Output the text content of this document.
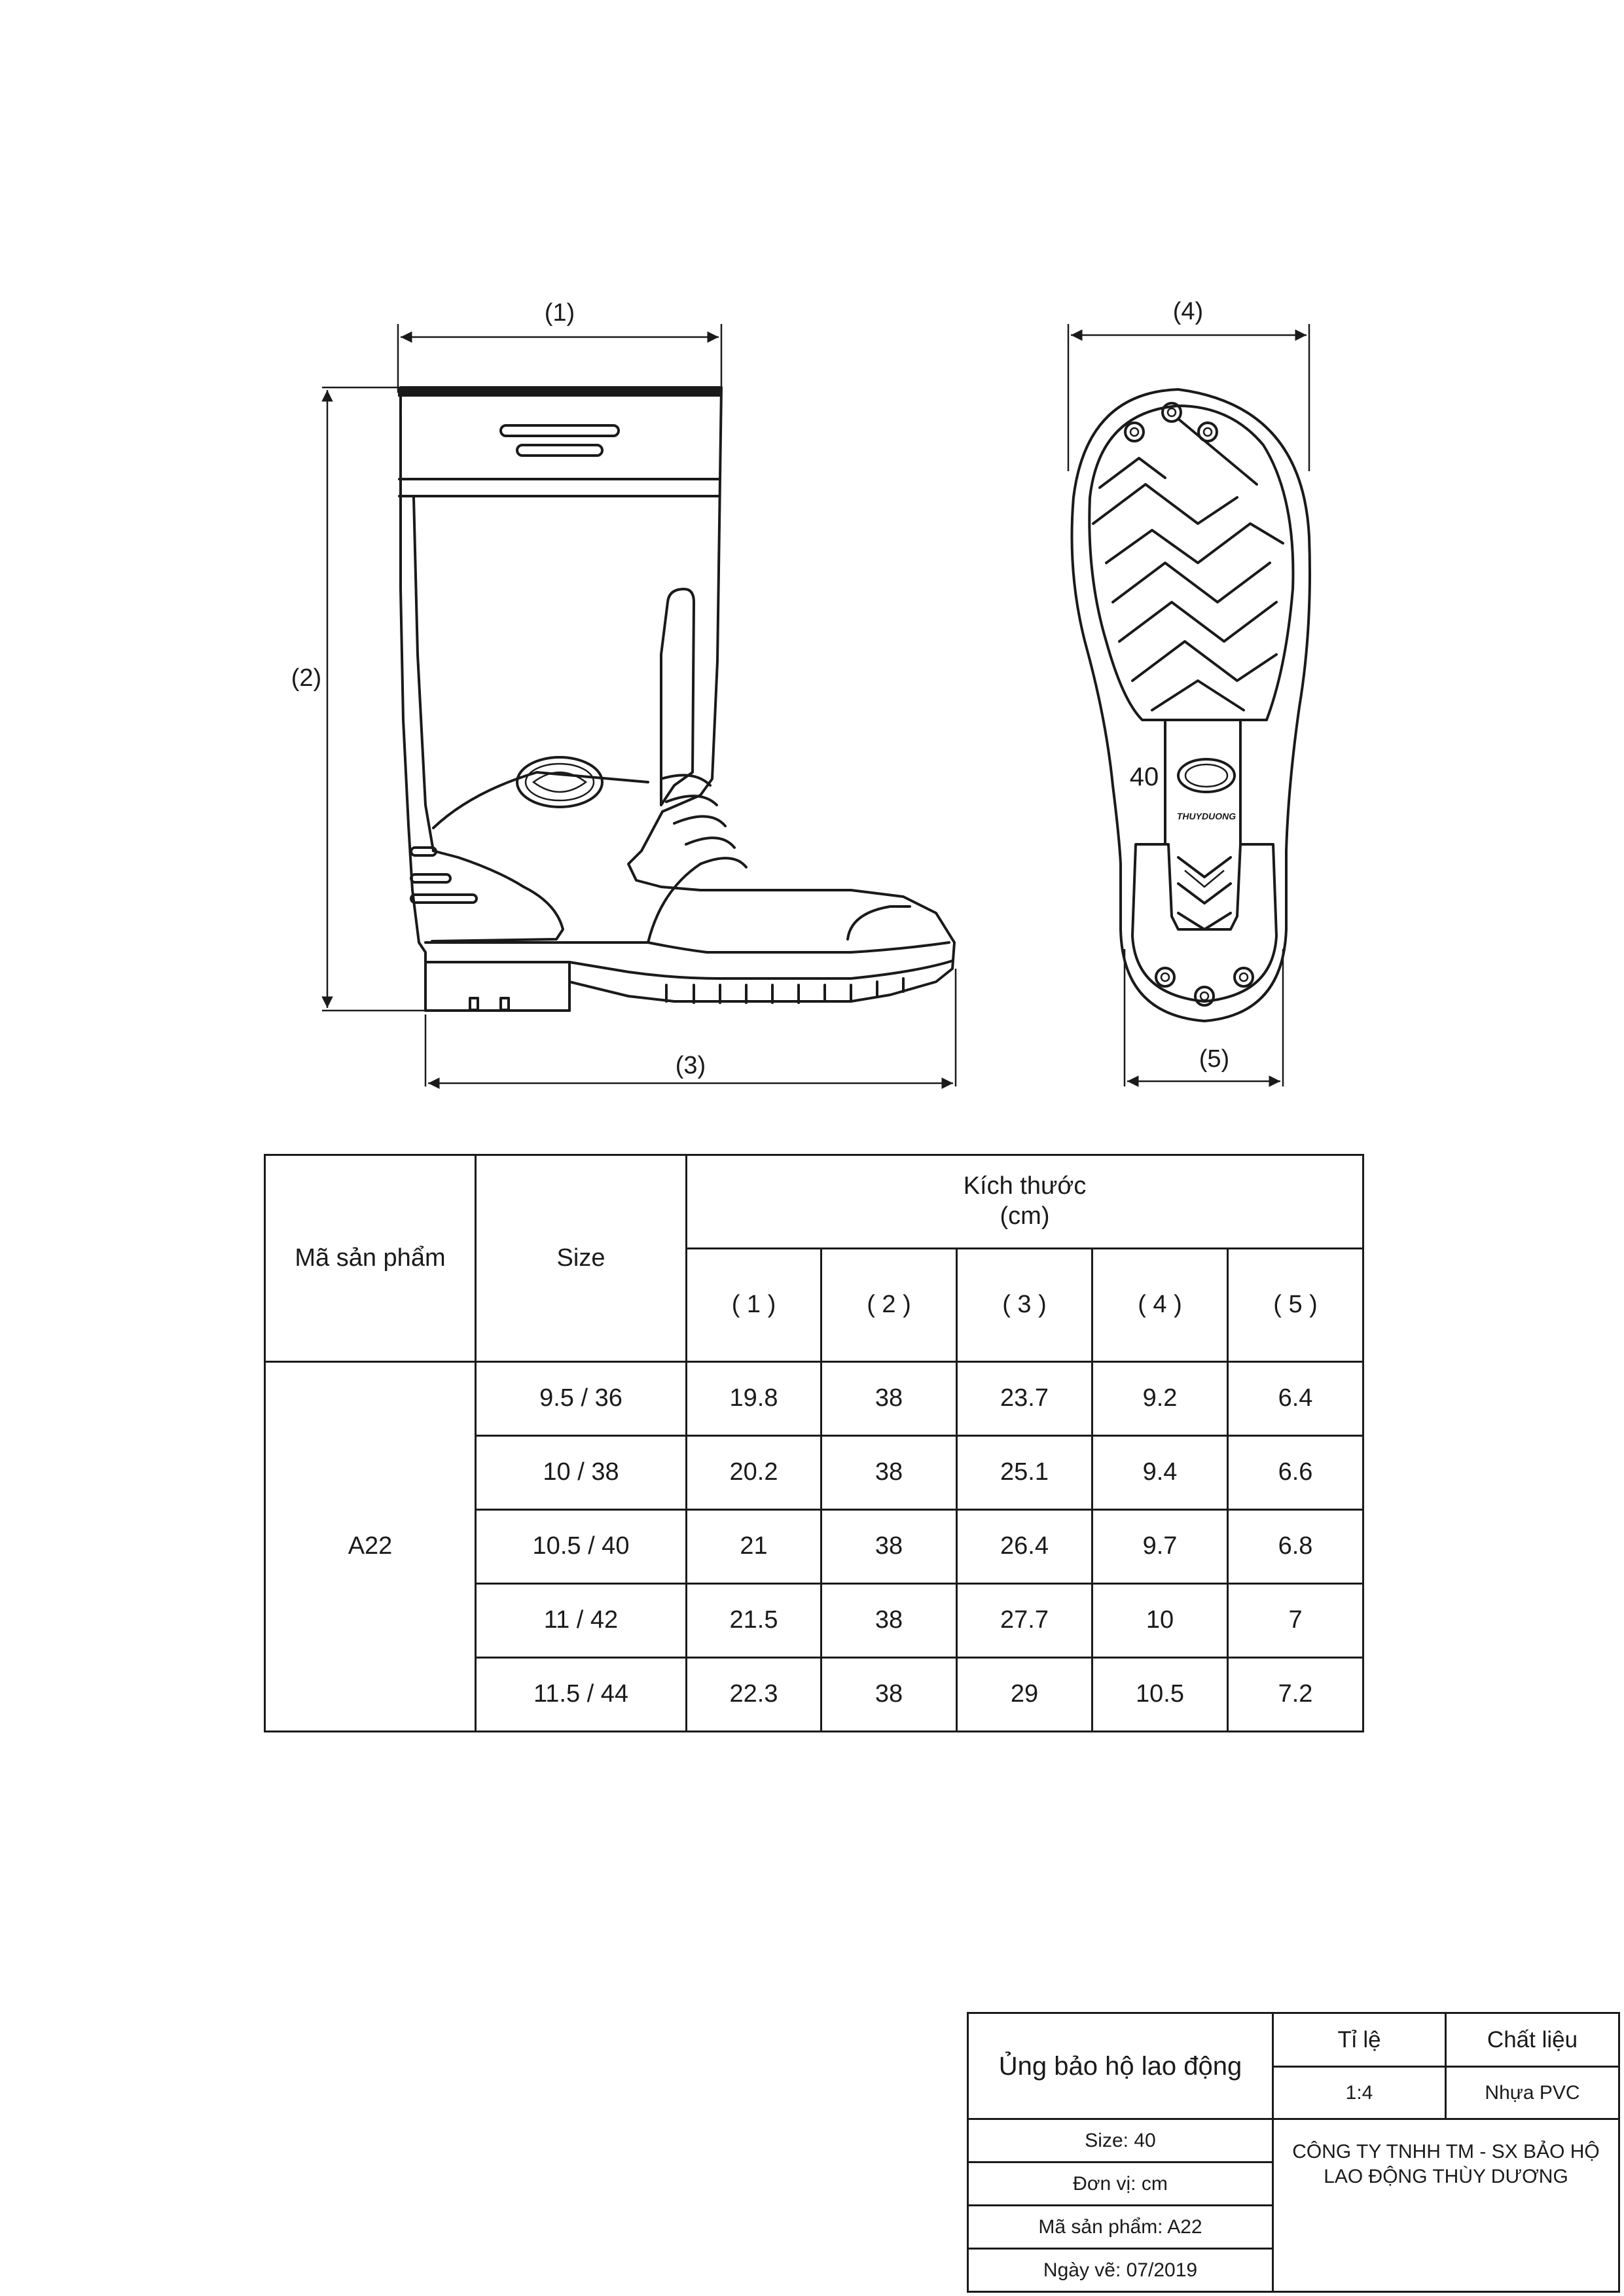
(1)
(2)
(3)
(4)
(5)
40
THUYDUONG
Mã sản phẩm	Size	Kích thước
(cm)				

		( 1 )	( 2 )	( 3 )	( 4 )	( 5 )
A22	9.5 / 36	19.8	38	23.7	9.2	6.4
	10 / 38	20.2	38	25.1	9.4	6.6
	10.5 / 40	21	38	26.4	9.7	6.8
	11 / 42	21.5	38	27.7	10	7
	11.5 / 44	22.3	38	29	10.5	7.2
Ủng bảo hộ lao động	Tỉ lệ	Chất liệu
	1:4	Nhựa PVC
Size: 40	CÔNG TY TNHH TM - SX BẢO HỘ
LAO ĐỘNG THÙY DƯƠNG	

Đơn vị: cm		
Mã sản phẩm: A22		
Ngày vẽ: 07/2019		
